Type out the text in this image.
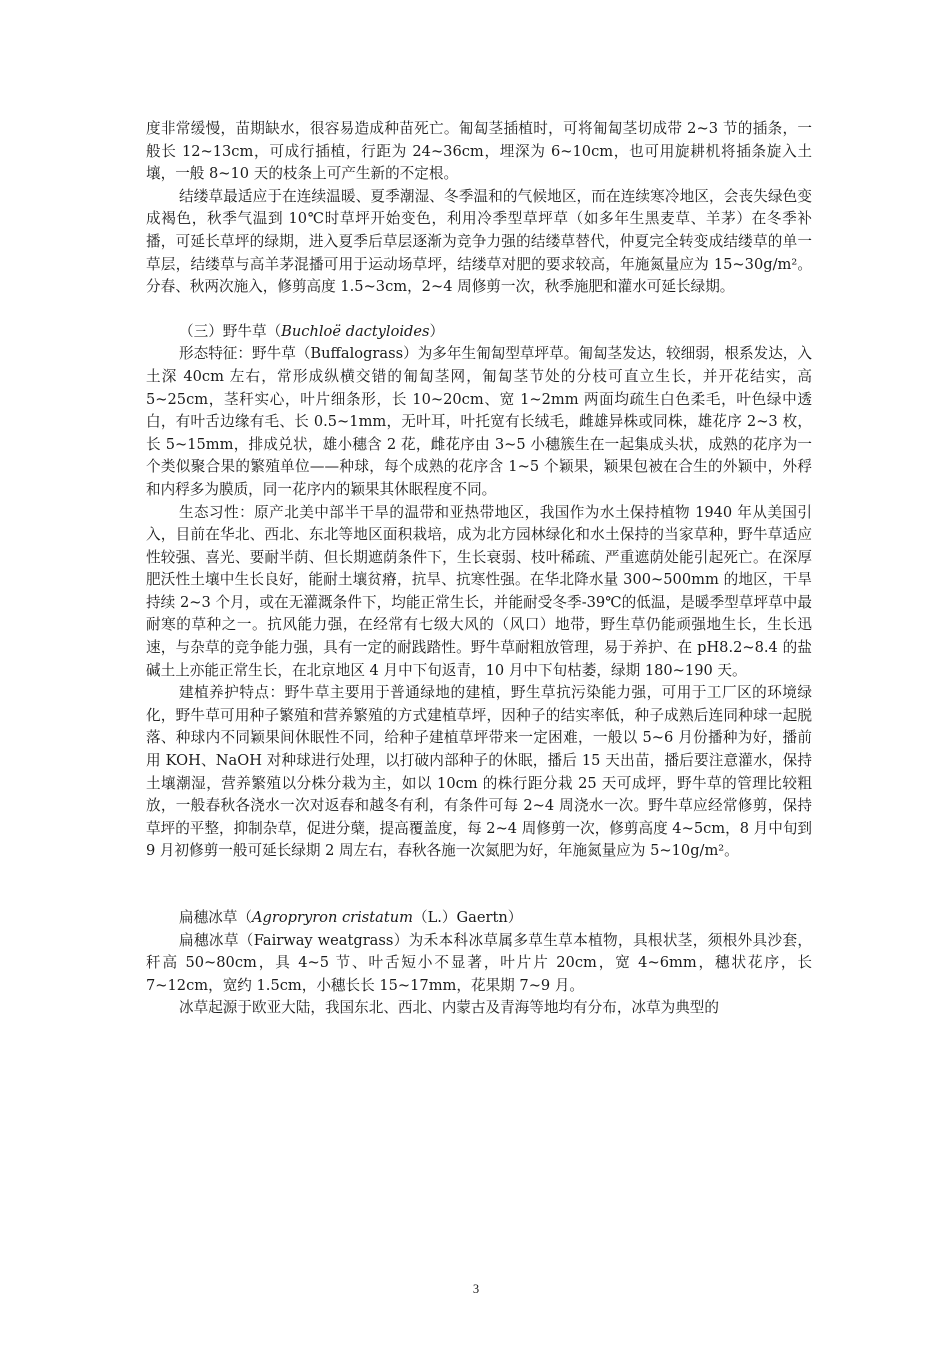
度非常缓慢，苗期缺水，很容易造成种苗死亡。匍匐茎插植时，可将匍匐茎切成带 2~3 节的插条，一般长 12~13cm，可成行插植，行距为 24~36cm，埋深为 6~10cm，也可用旋耕机将插条旋入土壤，一般 8~10 天的枝条上可产生新的不定根。

结缕草最适应于在连续温暖、夏季潮湿、冬季温和的气候地区，而在连续寒冷地区，会丧失绿色变成褐色，秋季气温到 10℃时草坪开始变色，利用冷季型草坪草（如多年生黑麦草、羊茅）在冬季补播，可延长草坪的绿期，进入夏季后草层逐渐为竞争力强的结缕草替代，仲夏完全转变成结缕草的单一草层，结缕草与高羊茅混播可用于运动场草坪，结缕草对肥的要求较高，年施氮量应为 15~30g/m²。分春、秋两次施入，修剪高度 1.5~3cm，2~4 周修剪一次，秋季施肥和灌水可延长绿期。

（三）野牛草（Buchloë dactyloides）

形态特征：野牛草（Buffalograss）为多年生匍匐型草坪草。匍匐茎发达，较细弱，根系发达，入土深 40cm 左右，常形成纵横交错的匍匐茎网，匍匐茎节处的分枝可直立生长，并开花结实，高 5~25cm，茎秆实心，叶片细条形，长 10~20cm、宽 1~2mm 两面均疏生白色柔毛，叶色绿中透白，有叶舌边缘有毛、长 0.5~1mm，无叶耳，叶托宽有长绒毛，雌雄异株或同株，雄花序 2~3 枚，长 5~15mm，排成兑状，雄小穗含 2 花，雌花序由 3~5 小穗簇生在一起集成头状，成熟的花序为一个类似聚合果的繁殖单位——种球，每个成熟的花序含 1~5 个颖果，颖果包被在合生的外颖中，外稃和内稃多为膜质，同一花序内的颖果其休眠程度不同。

生态习性：原产北美中部半干旱的温带和亚热带地区，我国作为水土保持植物 1940 年从美国引入，目前在华北、西北、东北等地区面积栽培，成为北方园林绿化和水土保持的当家草种，野牛草适应性较强、喜光、要耐半荫、但长期遮荫条件下，生长衰弱、枝叶稀疏、严重遮荫处能引起死亡。在深厚肥沃性土壤中生长良好，能耐土壤贫瘠，抗旱、抗寒性强。在华北降水量 300~500mm 的地区，干旱持续 2~3 个月，或在无灌溉条件下，均能正常生长，并能耐受冬季-39℃的低温，是暖季型草坪草中最耐寒的草种之一。抗风能力强，在经常有七级大风的（风口）地带，野生草仍能顽强地生长，生长迅速，与杂草的竞争能力强，具有一定的耐践踏性。野牛草耐粗放管理，易于养护、在 pH8.2~8.4 的盐碱土上亦能正常生长，在北京地区 4 月中下旬返青，10 月中下旬枯萎，绿期 180~190 天。

建植养护特点：野牛草主要用于普通绿地的建植，野生草抗污染能力强，可用于工厂区的环境绿化，野牛草可用种子繁殖和营养繁殖的方式建植草坪，因种子的结实率低，种子成熟后连同种球一起脱落、种球内不同颖果间休眠性不同，给种子建植草坪带来一定困难，一般以 5~6 月份播种为好，播前用 KOH、NaOH 对种球进行处理，以打破内部种子的休眠，播后 15 天出苗，播后要注意灌水，保持土壤潮湿，营养繁殖以分株分栽为主，如以 10cm 的株行距分栽 25 天可成坪，野牛草的管理比较粗放，一般春秋各浇水一次对返春和越冬有利，有条件可每 2~4 周浇水一次。野牛草应经常修剪，保持草坪的平整，抑制杂草，促进分蘖，提高覆盖度，每 2~4 周修剪一次，修剪高度 4~5cm，8 月中旬到 9 月初修剪一般可延长绿期 2 周左右，春秋各施一次氮肥为好，年施氮量应为 5~10g/m²。

扁穗冰草（Agropryron cristatum（L.）Gaertn）

扁穗冰草（Fairway weatgrass）为禾本科冰草属多草生草本植物，具根状茎，须根外具沙套，秆高 50~80cm，具 4~5 节、叶舌短小不显著，叶片片 20cm，宽 4~6mm，穗状花序，长 7~12cm，宽约 1.5cm，小穗长长 15~17mm，花果期 7~9 月。

冰草起源于欧亚大陆，我国东北、西北、内蒙古及青海等地均有分布，冰草为典型的

3
